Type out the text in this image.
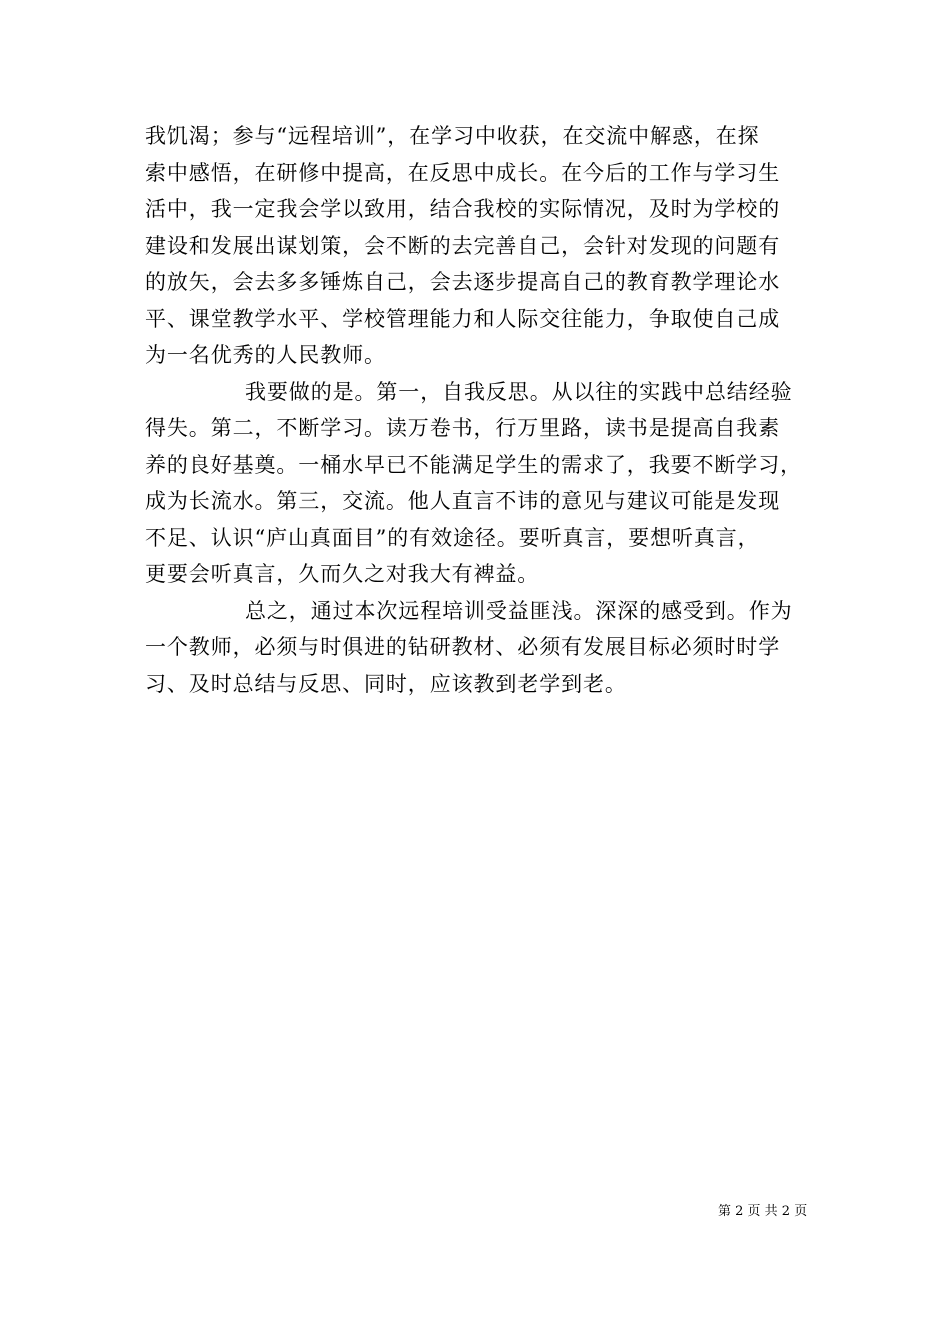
我饥渴；参与“远程培训”，在学习中收获，在交流中解惑，在探
索中感悟，在研修中提高，在反思中成长。在今后的工作与学习生
活中，我一定我会学以致用，结合我校的实际情况，及时为学校的
建设和发展出谋划策，会不断的去完善自己，会针对发现的问题有
的放矢，会去多多锤炼自己，会去逐步提高自己的教育教学理论水
平、课堂教学水平、学校管理能力和人际交往能力，争取使自己成
为一名优秀的人民教师。
我要做的是。第一，自我反思。从以往的实践中总结经验
得失。第二，不断学习。读万卷书，行万里路，读书是提高自我素
养的良好基奠。一桶水早已不能满足学生的需求了，我要不断学习，
成为长流水。第三，交流。他人直言不讳的意见与建议可能是发现
不足、认识“庐山真面目”的有效途径。要听真言，要想听真言，
更要会听真言，久而久之对我大有裨益。
总之，通过本次远程培训受益匪浅。深深的感受到。作为
一个教师，必须与时俱进的钻研教材、必须有发展目标必须时时学
习、及时总结与反思、同时，应该教到老学到老。
第 2 页 共 2 页
